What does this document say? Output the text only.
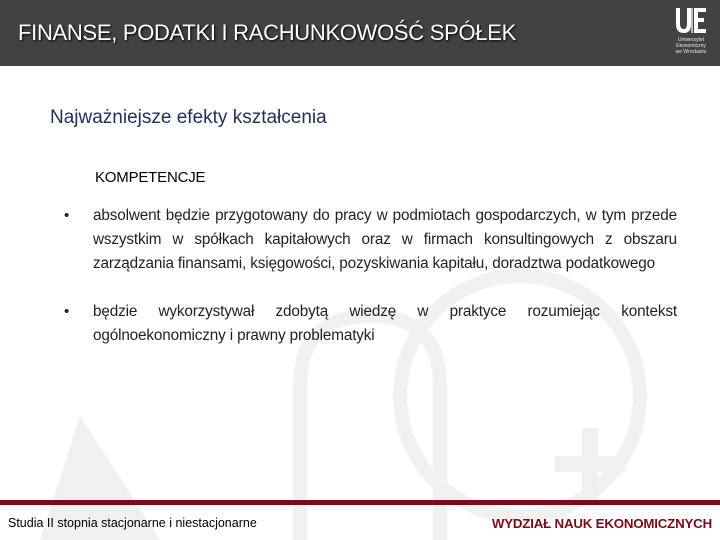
FINANSE, PODATKI I RACHUNKOWOŚĆ SPÓŁEK	Uniwersytet
Ekonomiczny
we Wrocławiu
Najważniejsze efekty kształcenia
KOMPETENCJE
• absolwent będzie przygotowany do pracy w podmiotach gospodarczych, w tym przede wszystkim w spółkach kapitałowych oraz w firmach konsultingowych z obszaru zarządzania finansami, księgowości, pozyskiwania kapitału, doradztwa podatkowego
• będzie wykorzystywał zdobytą wiedzę w praktyce rozumiejąc kontekst ogólnoekonomiczny i prawny problematyki
Studia II stopnia stacjonarne i niestacjonarne	WYDZIAŁ NAUK EKONOMICZNYCH
